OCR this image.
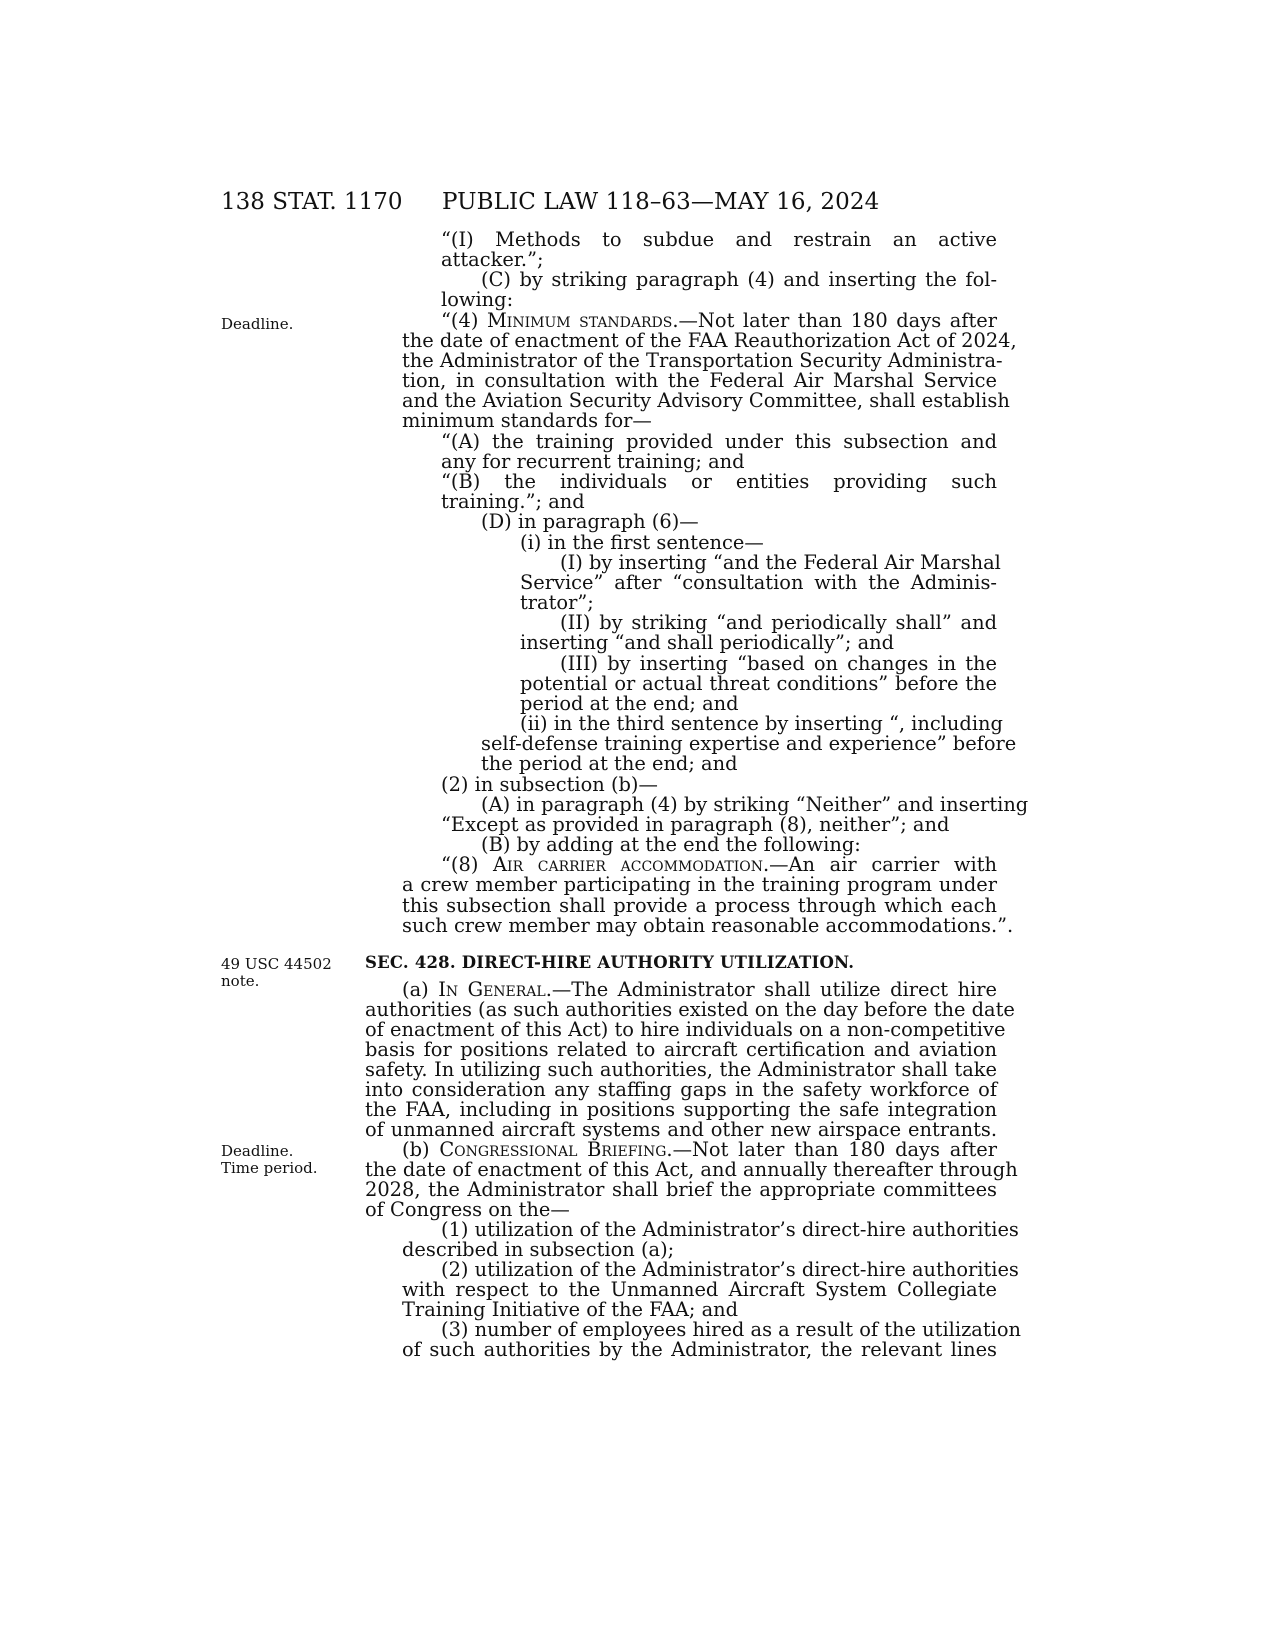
138 STAT. 1170 PUBLIC LAW 118–63—MAY 16, 2024
Deadline.
49 USC 44502
note.
Deadline.
Time period.
“(I) Methods to subdue and restrain an active
attacker.”;
(C) by striking paragraph (4) and inserting the fol-
lowing:
“(4) Minimum standards.—Not later than 180 days after
the date of enactment of the FAA Reauthorization Act of 2024,
the Administrator of the Transportation Security Administra-
tion, in consultation with the Federal Air Marshal Service
and the Aviation Security Advisory Committee, shall establish
minimum standards for—
“(A) the training provided under this subsection and
any for recurrent training; and
“(B) the individuals or entities providing such
training.”; and
(D) in paragraph (6)—
(i) in the first sentence—
(I) by inserting “and the Federal Air Marshal
Service” after “consultation with the Adminis-
trator”;
(II) by striking “and periodically shall” and
inserting “and shall periodically”; and
(III) by inserting “based on changes in the
potential or actual threat conditions” before the
period at the end; and
(ii) in the third sentence by inserting “, including
self-defense training expertise and experience” before
the period at the end; and
(2) in subsection (b)—
(A) in paragraph (4) by striking “Neither” and inserting
“Except as provided in paragraph (8), neither”; and
(B) by adding at the end the following:
“(8) Air carrier accommodation.—An air carrier with
a crew member participating in the training program under
this subsection shall provide a process through which each
such crew member may obtain reasonable accommodations.”.
SEC. 428. DIRECT-HIRE AUTHORITY UTILIZATION.
(a) In General.—The Administrator shall utilize direct hire
authorities (as such authorities existed on the day before the date
of enactment of this Act) to hire individuals on a non-competitive
basis for positions related to aircraft certification and aviation
safety. In utilizing such authorities, the Administrator shall take
into consideration any staffing gaps in the safety workforce of
the FAA, including in positions supporting the safe integration
of unmanned aircraft systems and other new airspace entrants.
(b) Congressional Briefing.—Not later than 180 days after
the date of enactment of this Act, and annually thereafter through
2028, the Administrator shall brief the appropriate committees
of Congress on the—
(1) utilization of the Administrator’s direct-hire authorities
described in subsection (a);
(2) utilization of the Administrator’s direct-hire authorities
with respect to the Unmanned Aircraft System Collegiate
Training Initiative of the FAA; and
(3) number of employees hired as a result of the utilization
of such authorities by the Administrator, the relevant lines
